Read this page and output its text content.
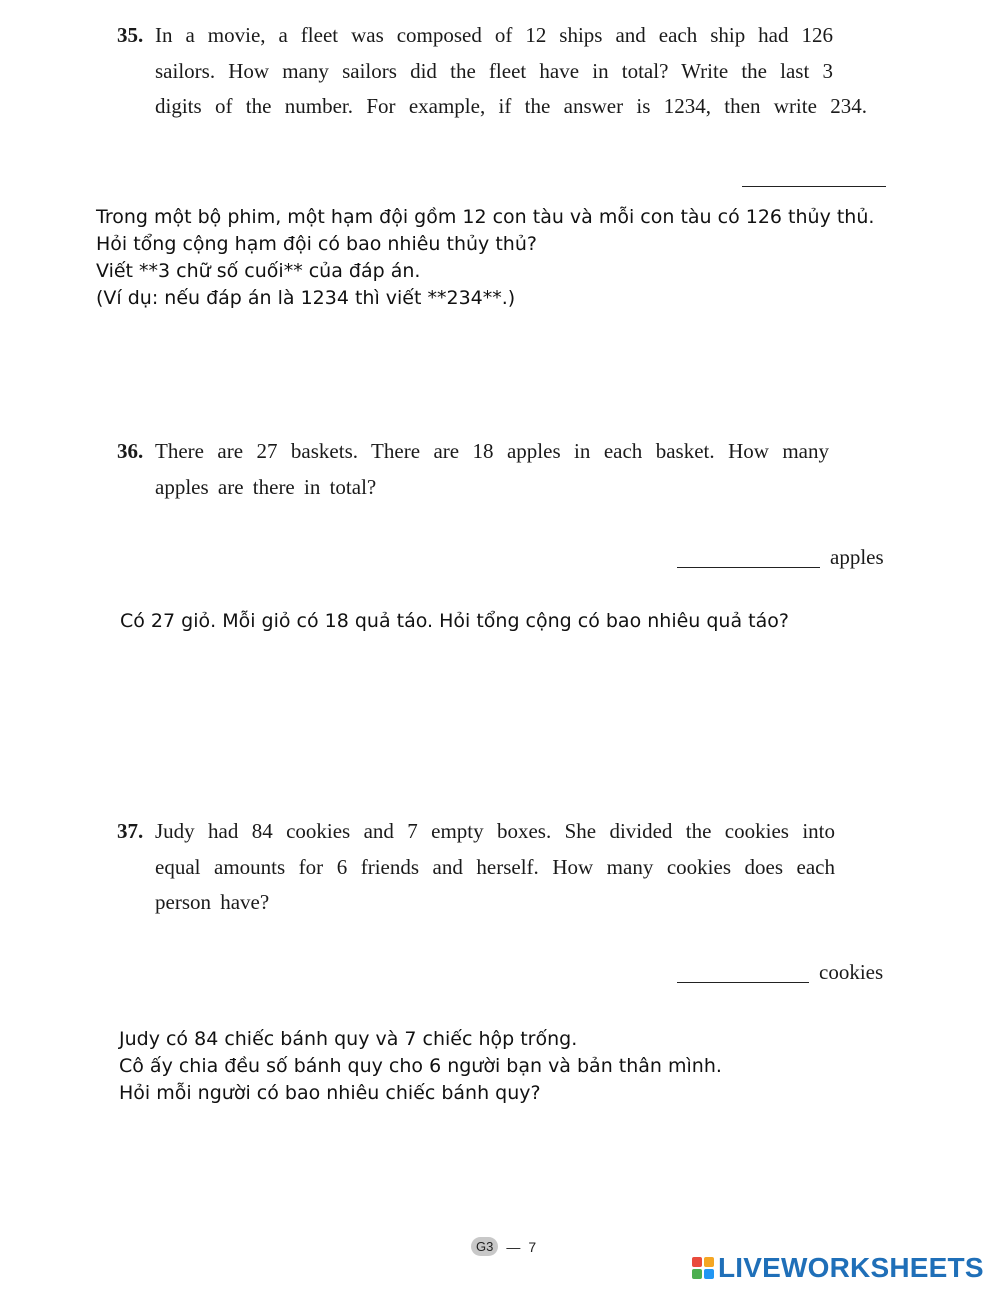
35. In a movie, a fleet was composed of 12 ships and each ship had 126
sailors. How many sailors did the fleet have in total? Write the last 3
digits of the number. For example, if the answer is 1234, then write 234.
Trong một bộ phim, một hạm đội gồm 12 con tàu và mỗi con tàu có 126 thủy thủ.
Hỏi tổng cộng hạm đội có bao nhiêu thủy thủ?
Viết **3 chữ số cuối** của đáp án.
(Ví dụ: nếu đáp án là 1234 thì viết **234**.)
36. There are 27 baskets. There are 18 apples in each basket. How many
apples are there in total?
apples
Có 27 giỏ. Mỗi giỏ có 18 quả táo. Hỏi tổng cộng có bao nhiêu quả táo?
37. Judy had 84 cookies and 7 empty boxes. She divided the cookies into
equal amounts for 6 friends and herself. How many cookies does each
person have?
cookies
Judy có 84 chiếc bánh quy và 7 chiếc hộp trống.
Cô ấy chia đều số bánh quy cho 6 người bạn và bản thân mình.
Hỏi mỗi người có bao nhiêu chiếc bánh quy?
G3 — 7
LIVEWORKSHEETS
